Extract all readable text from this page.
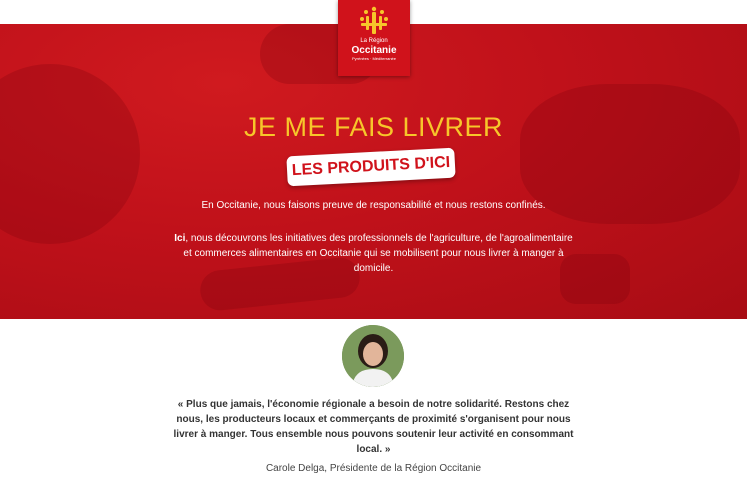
JE ME FAIS LIVRER
LES PRODUITS D'ICI
En Occitanie, nous faisons preuve de responsabilité et nous restons confinés.
Ici, nous découvrons les initiatives des professionnels de l'agriculture, de l'agroalimentaire et commerces alimentaires en Occitanie qui se mobilisent pour nous livrer à manger à domicile.
La Région
Occitanie
Pyrénées · Méditerranée
« Plus que jamais, l'économie régionale a besoin de notre solidarité. Restons chez nous, les producteurs locaux et commerçants de proximité s'organisent pour nous livrer à manger. Tous ensemble nous pouvons soutenir leur activité en consommant local. »
Carole Delga, Présidente de la Région Occitanie
